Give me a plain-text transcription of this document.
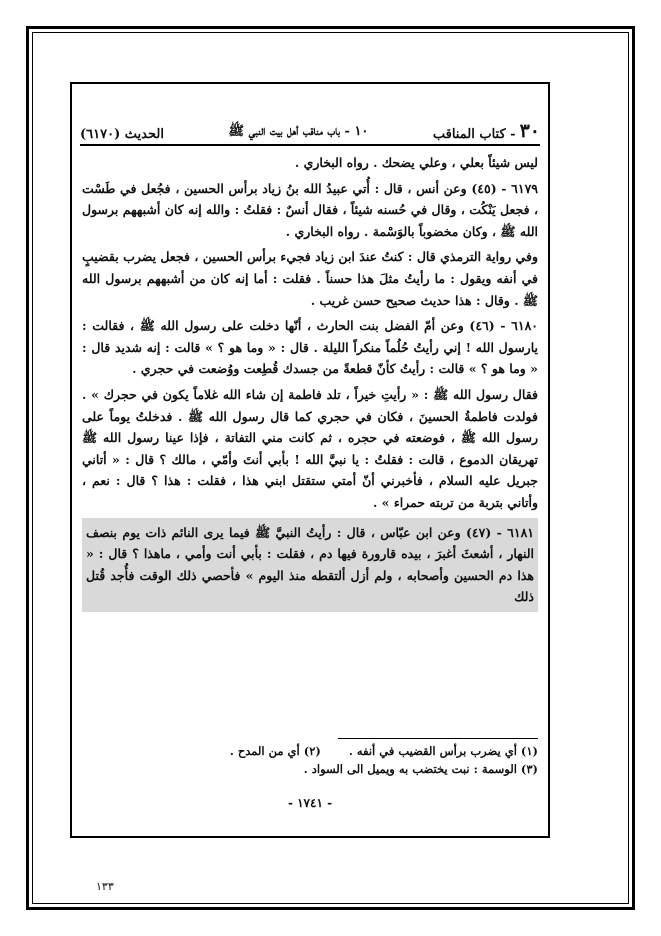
٣٠
- كتاب المناقب
١٠ - باب مناقب أهل بيت النبي ﷺ
الحديث (٦١٧٠)

ليس شيئاً بعلي ، وعلي يضحك . رواه البخاري .

٦١٧٩ - (٤٥) وعن أنس ، قال : أُتي عبيدُ الله بنُ زياد برأس الحسين ، فجُعل في طَسْت ، فجعل يَنْكُت ، وقال في حُسنه شيئاً ، فقال أنسٌ : فقلتُ : والله إنه كان أشبههم برسول الله ﷺ ، وكان مخضوباً بالوَسْمة . رواه البخاري .

وفي رواية الترمذي قال : كنتُ عندَ ابن زياد فجيء برأس الحسين ، فجعل يضرب بقضيبٍ في أنفه ويقول : ما رأيتُ مثلَ هذا حسناً . فقلت : أما إنه كان من أشبههم برسول الله ﷺ . وقال : هذا حديث صحيح حسن غريب .

٦١٨٠ - (٤٦) وعن أمّ الفضل بنت الحارث ، أنّها دخلت على رسول الله ﷺ ، فقالت : يارسول الله ! إني رأيتُ حُلُماً منكراً الليلة . قال : « وما هو ؟ » قالت : إنه شديد قال : « وما هو ؟ » قالت : رأيتُ كأنّ قطعةً من جسدك قُطِعت ووُضعت في حجري .

فقال رسول الله ﷺ : « رأيتِ خيراً ، تلد فاطمة إن شاء الله غلاماً يكون في حجرك » . فولدت فاطمةُ الحسينَ ، فكان في حجري كما قال رسول الله ﷺ . فدخلتُ يوماً على رسول الله ﷺ ، فوضعته في حجره ، ثم كانت مني التفاتة ، فإذا عينا رسول الله ﷺ تهريقان الدموع ، قالت : فقلتُ : يا نبيَّ الله ! بأبي أنتَ وأمّي ، مالك ؟ قال : « أتاني جبريل عليه السلام ، فأخبرني أنّ أمتي ستقتل ابني هذا ، فقلت : هذا ؟ قال : نعم ، وأتاني بتربة من تربته حمراء » .

٦١٨١ - (٤٧) وعن ابن عبّاس ، قال : رأيتُ النبيَّ ﷺ فيما يرى النائم ذات يوم بنصف النهار ، أشعثَ أغبرَ ، بيده قارورة فيها دم ، فقلت : بأبي أنت وأمي ، ماهذا ؟ قال : « هذا دم الحسين وأصحابه ، ولم أزل ألتقطه منذ اليوم » فأحصي ذلك الوقت فأُجد قُتل ذلك

(١) أي يضرب برأس القضيب في أنفه .
(٢) أي من المدح .
(٣) الوسمة : نبت يختضب به ويميل الى السواد .
- ١٧٤١ -
١٣٣
